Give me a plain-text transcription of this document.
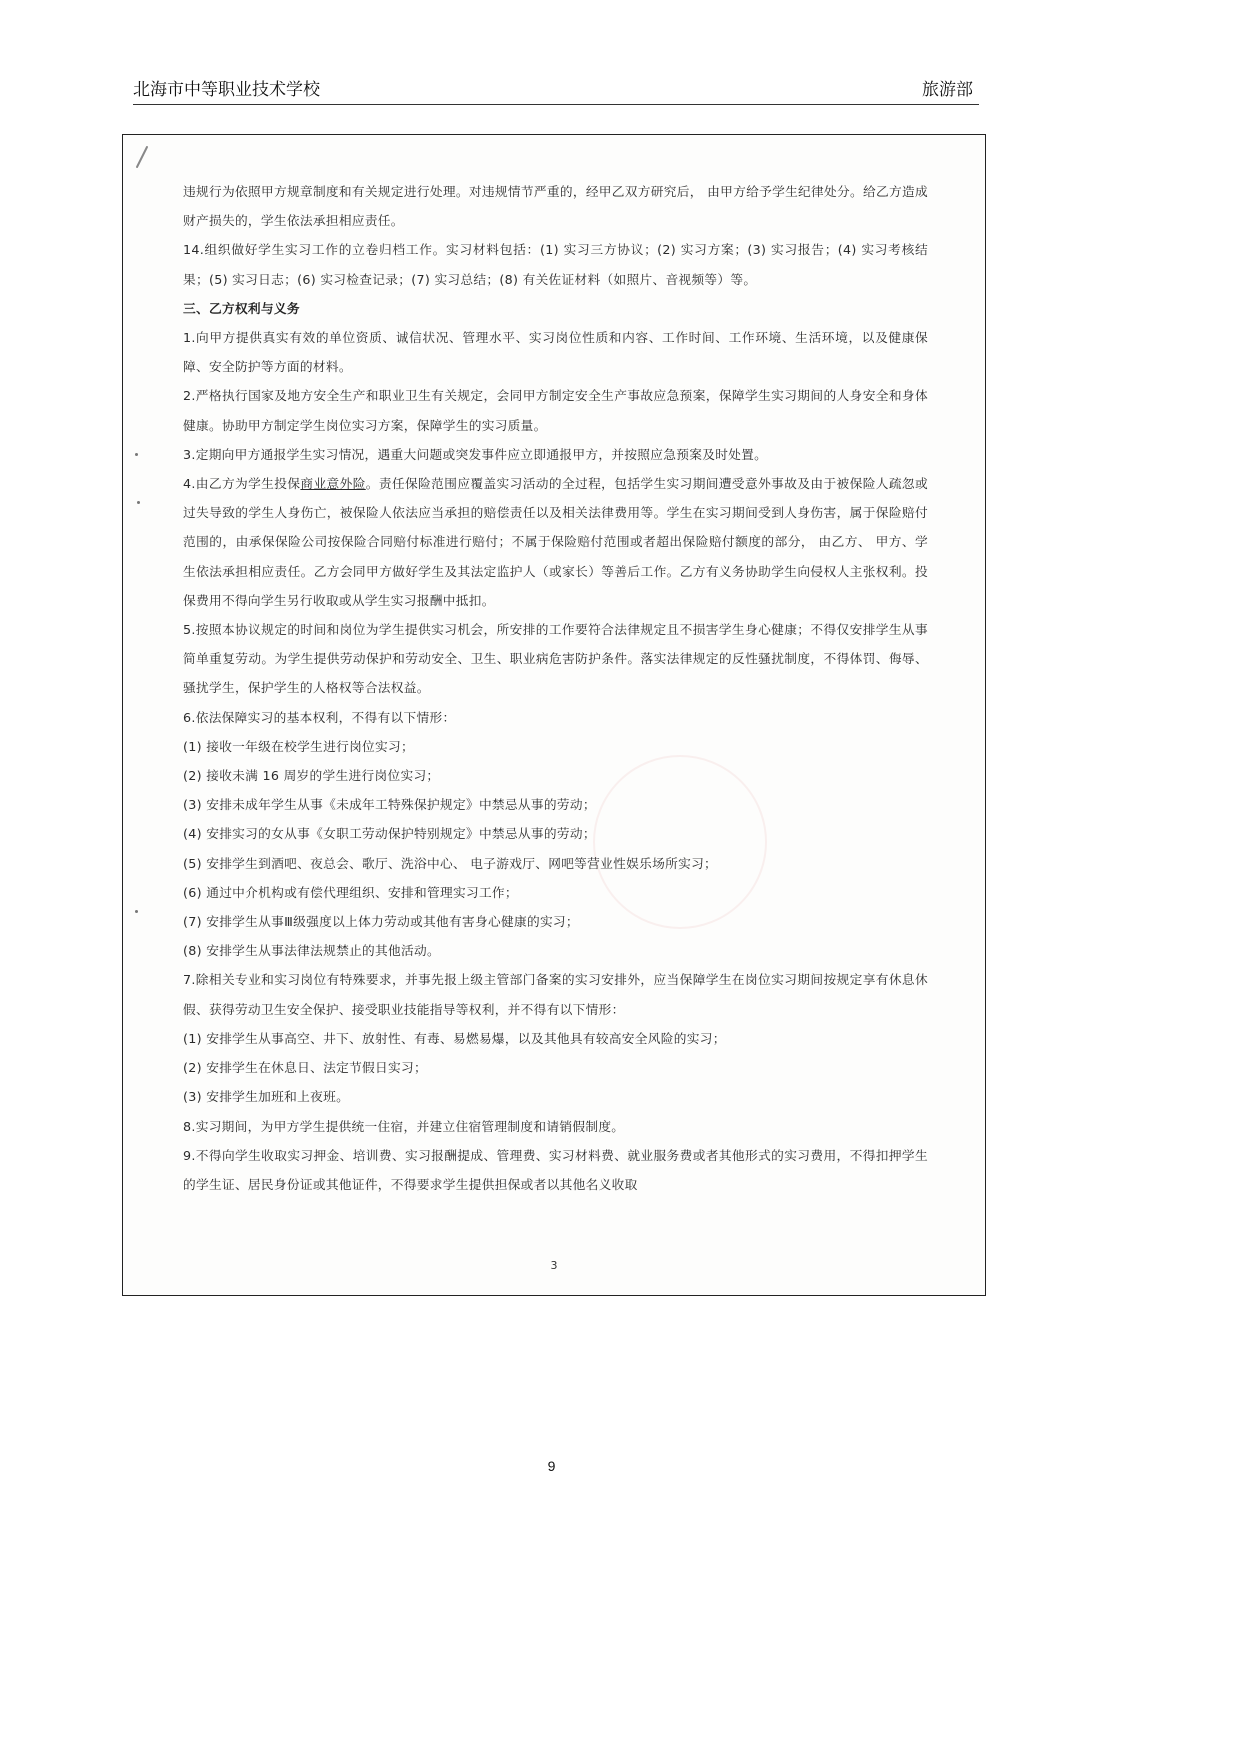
北海市中等职业技术学校	旅游部

违规行为依照甲方规章制度和有关规定进行处理。对违规情节严重的，经甲乙双方研究后， 由甲方给予学生纪律处分。给乙方造成财产损失的，学生依法承担相应责任。

14.组织做好学生实习工作的立卷归档工作。实习材料包括：(1) 实习三方协议；(2) 实习方案；(3) 实习报告；(4) 实习考核结果；(5) 实习日志；(6) 实习检查记录；(7) 实习总结；(8) 有关佐证材料（如照片、音视频等）等。

三、乙方权利与义务

1.向甲方提供真实有效的单位资质、诚信状况、管理水平、实习岗位性质和内容、工作时间、工作环境、生活环境，以及健康保障、安全防护等方面的材料。

2.严格执行国家及地方安全生产和职业卫生有关规定，会同甲方制定安全生产事故应急预案，保障学生实习期间的人身安全和身体健康。协助甲方制定学生岗位实习方案，保障学生的实习质量。

3.定期向甲方通报学生实习情况，遇重大问题或突发事件应立即通报甲方，并按照应急预案及时处置。

4.由乙方为学生投保商业意外险。责任保险范围应覆盖实习活动的全过程，包括学生实习期间遭受意外事故及由于被保险人疏忽或过失导致的学生人身伤亡，被保险人依法应当承担的赔偿责任以及相关法律费用等。学生在实习期间受到人身伤害，属于保险赔付范围的，由承保保险公司按保险合同赔付标准进行赔付；不属于保险赔付范围或者超出保险赔付额度的部分， 由乙方、 甲方、学生依法承担相应责任。乙方会同甲方做好学生及其法定监护人（或家长）等善后工作。乙方有义务协助学生向侵权人主张权利。投保费用不得向学生另行收取或从学生实习报酬中抵扣。

5.按照本协议规定的时间和岗位为学生提供实习机会，所安排的工作要符合法律规定且不损害学生身心健康；不得仅安排学生从事简单重复劳动。为学生提供劳动保护和劳动安全、卫生、职业病危害防护条件。落实法律规定的反性骚扰制度，不得体罚、侮辱、骚扰学生，保护学生的人格权等合法权益。

6.依法保障实习的基本权利，不得有以下情形：

(1) 接收一年级在校学生进行岗位实习；

(2) 接收未满 16 周岁的学生进行岗位实习；

(3) 安排未成年学生从事《未成年工特殊保护规定》中禁忌从事的劳动；

(4) 安排实习的女从事《女职工劳动保护特别规定》中禁忌从事的劳动；

(5) 安排学生到酒吧、夜总会、歌厅、洗浴中心、 电子游戏厅、网吧等营业性娱乐场所实习；

(6) 通过中介机构或有偿代理组织、安排和管理实习工作；

(7) 安排学生从事Ⅲ级强度以上体力劳动或其他有害身心健康的实习；

(8) 安排学生从事法律法规禁止的其他活动。

7.除相关专业和实习岗位有特殊要求，并事先报上级主管部门备案的实习安排外，应当保障学生在岗位实习期间按规定享有休息休假、获得劳动卫生安全保护、接受职业技能指导等权利，并不得有以下情形：

(1) 安排学生从事高空、井下、放射性、有毒、易燃易爆，以及其他具有较高安全风险的实习；

(2) 安排学生在休息日、法定节假日实习；

(3) 安排学生加班和上夜班。

8.实习期间，为甲方学生提供统一住宿，并建立住宿管理制度和请销假制度。

9.不得向学生收取实习押金、培训费、实习报酬提成、管理费、实习材料费、就业服务费或者其他形式的实习费用，不得扣押学生的学生证、居民身份证或其他证件，不得要求学生提供担保或者以其他名义收取

3
9
